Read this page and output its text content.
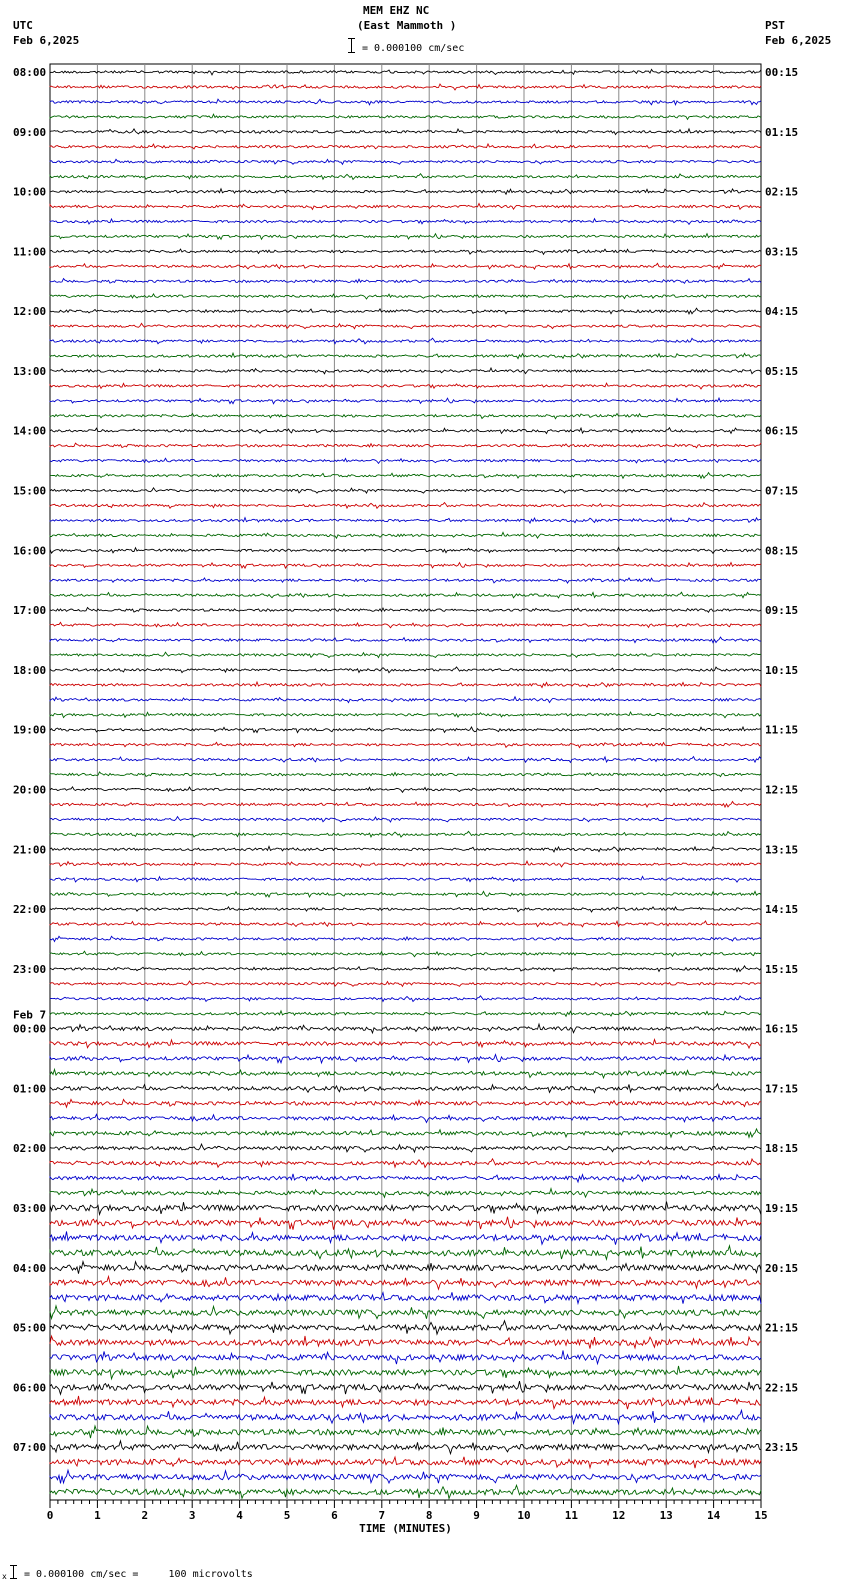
MEM EHZ NC
(East Mammoth )
= 0.000100 cm/sec
UTC
Feb 6,2025
PST
Feb 6,2025
08:00
09:00
10:00
11:00
12:00
13:00
14:00
15:00
16:00
17:00
18:00
19:00
20:00
21:00
22:00
23:00
00:00
01:00
02:00
03:00
04:00
05:00
06:00
07:00
00:15
01:15
02:15
03:15
04:15
05:15
06:15
07:15
08:15
09:15
10:15
11:15
12:15
13:15
14:15
15:15
16:15
17:15
18:15
19:15
20:15
21:15
22:15
23:15
Feb 7
0	1	2	3	4	5	6	7	8	9	10	11	12	13	14	15
TIME (MINUTES)
x = 0.000100 cm/sec =     100 microvolts
